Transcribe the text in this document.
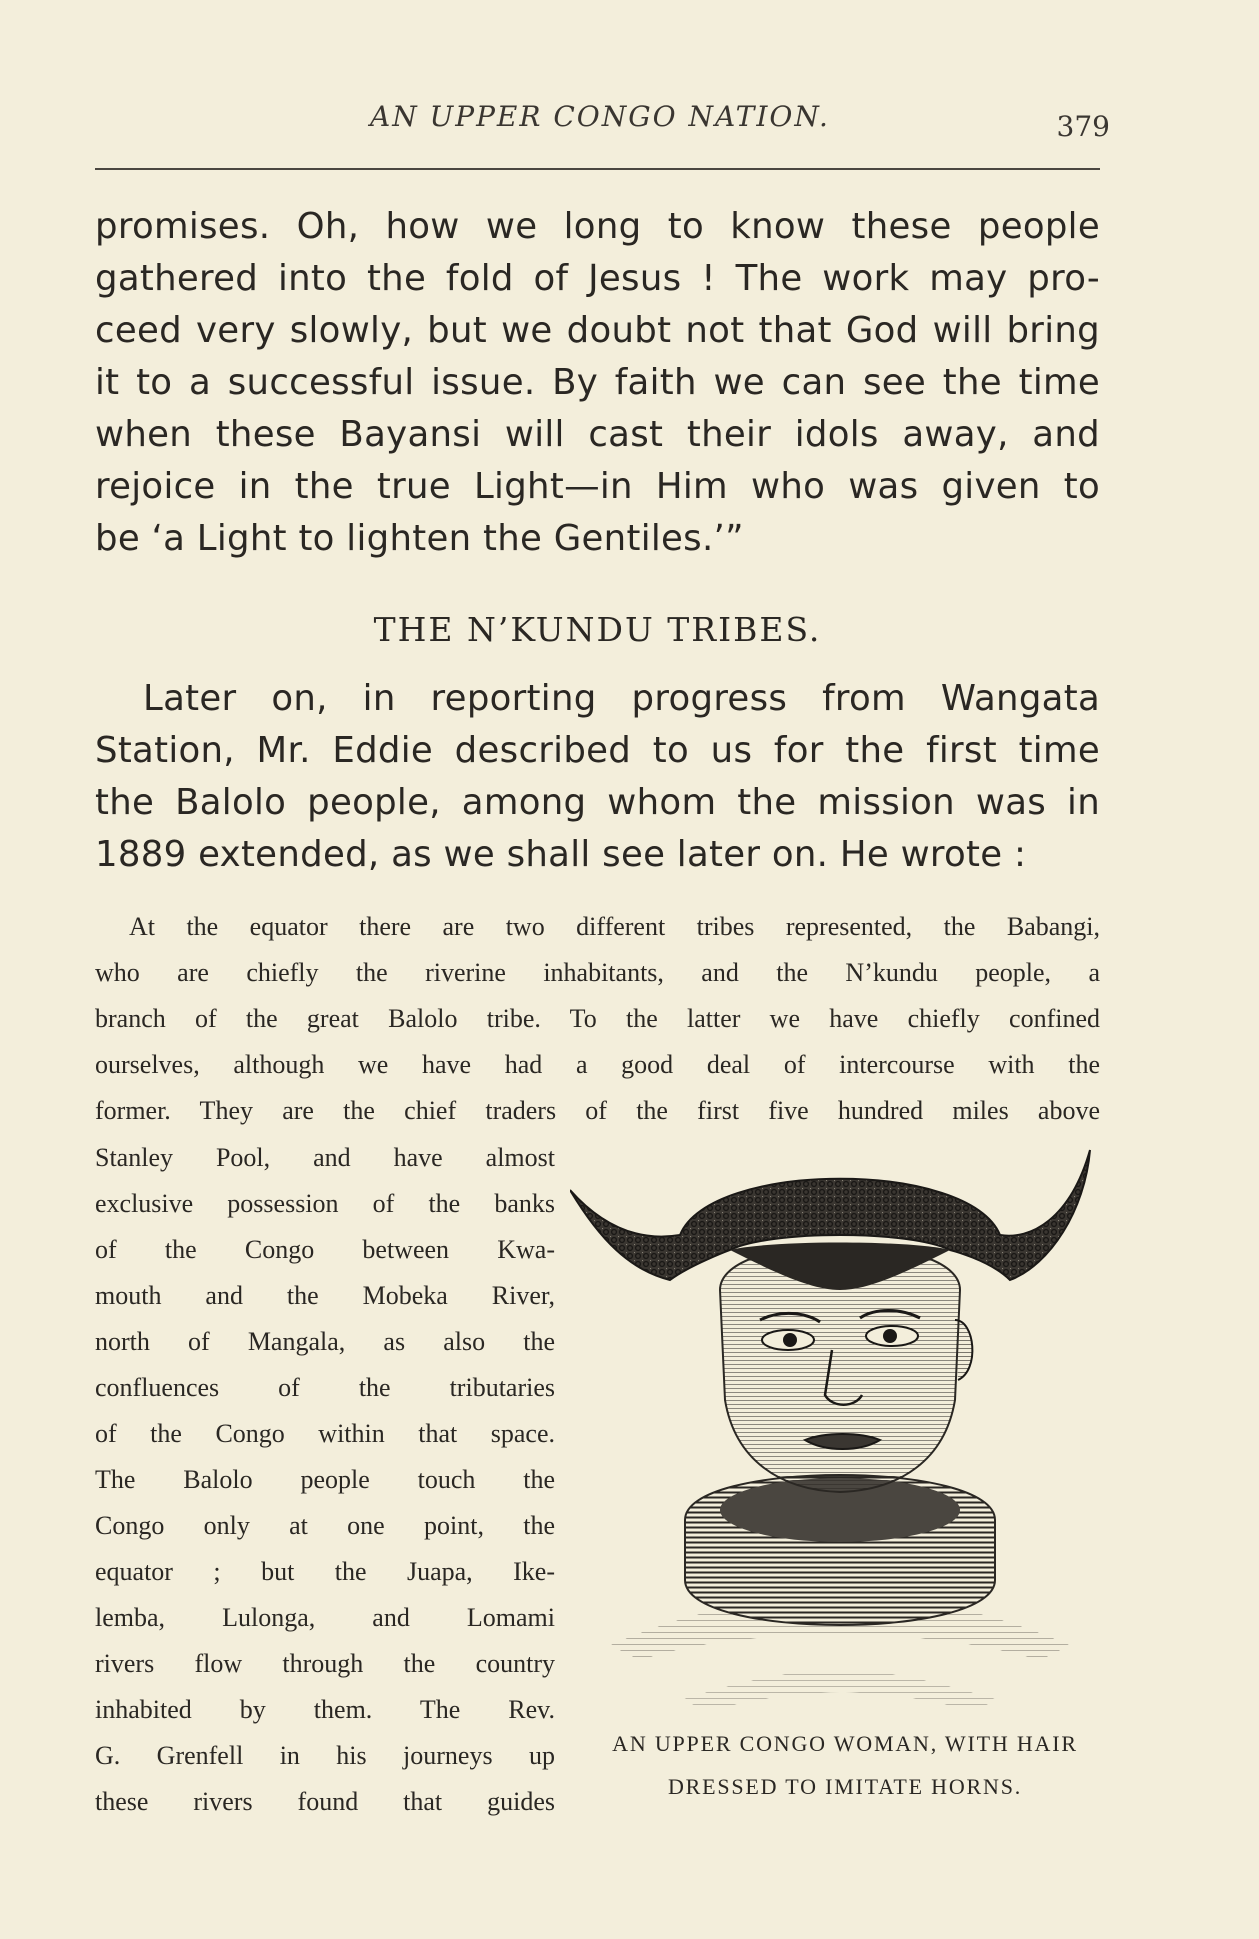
AN UPPER CONGO NATION.	379
promises. Oh, how we long to know these people
gathered into the fold of Jesus ! The work may pro-
ceed very slowly, but we doubt not that God will bring
it to a successful issue. By faith we can see the time
when these Bayansi will cast their idols away, and
rejoice in the true Light—in Him who was given to
be ‘a Light to lighten the Gentiles.’”
THE N’KUNDU TRIBES.
Later on, in reporting progress from Wangata
Station, Mr. Eddie described to us for the first time
the Balolo people, among whom the mission was in
1889 extended, as we shall see later on. He wrote :
At the equator there are two different tribes represented, the Babangi,
who are chiefly the riverine inhabitants, and the N’kundu people, a
branch of the great Balolo tribe. To the latter we have chiefly confined
ourselves, although we have had a good deal of intercourse with the
former. They are the chief traders of the first five hundred miles above
Stanley Pool, and have almost
exclusive possession of the banks
of the Congo between Kwa-
mouth and the Mobeka River,
north of Mangala, as also the
confluences of the tributaries
of the Congo within that space.
The Balolo people touch the
Congo only at one point, the
equator ; but the Juapa, Ike-
lemba, Lulonga, and Lomami
rivers flow through the country
inhabited by them. The Rev.
G. Grenfell in his journeys up
these rivers found that guides
AN UPPER CONGO WOMAN, WITH HAIR
DRESSED TO IMITATE HORNS.
